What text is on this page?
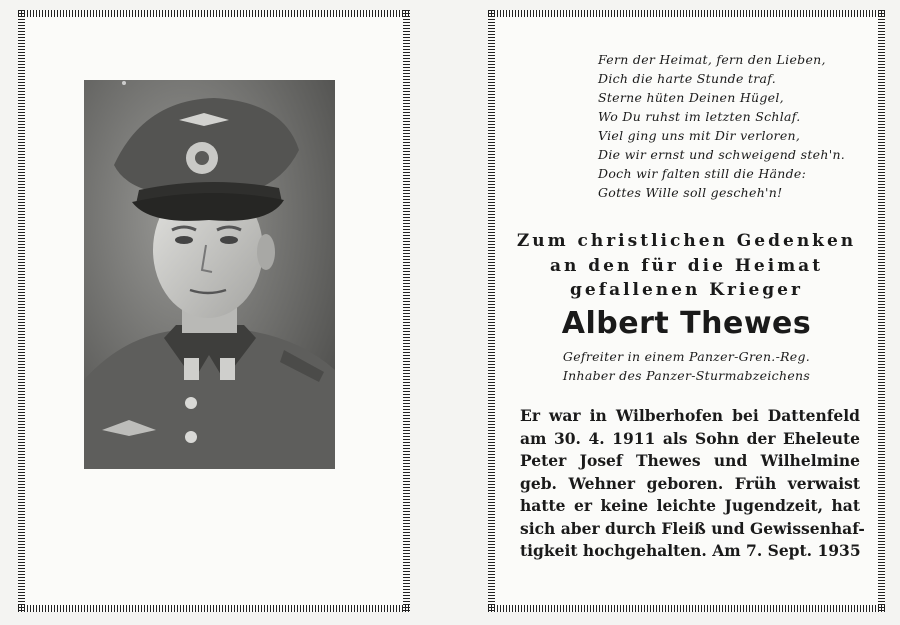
Fern der Heimat, fern den Lieben,
Dich die harte Stunde traf.
Sterne hüten Deinen Hügel,
Wo Du ruhst im letzten Schlaf.
Viel ging uns mit Dir verloren,
Die wir ernst und schweigend steh'n.
Doch wir falten still die Hände:
Gottes Wille soll gescheh'n!
Zum christlichen Gedenken
an den für die Heimat
gefallenen Krieger
Albert Thewes
Gefreiter in einem Panzer-Gren.-Reg.
Inhaber des Panzer-Sturmabzeichens
Er war in Wilberhofen bei Dattenfeld
am 30. 4. 1911 als Sohn der Eheleute
Peter Josef Thewes und Wilhelmine
geb. Wehner geboren. Früh verwaist
hatte er keine leichte Jugendzeit, hat
sich aber durch Fleiß und Gewissenhaf-
tigkeit hochgehalten. Am 7. Sept. 1935
